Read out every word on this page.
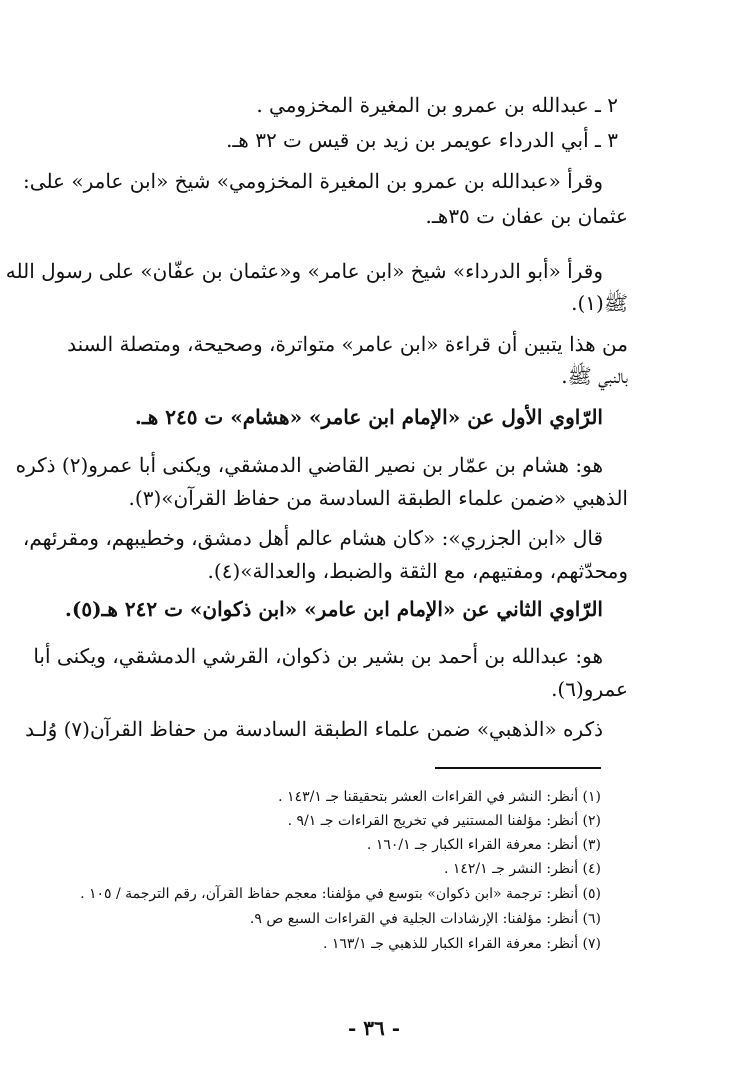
٢ ـ عبدالله بن عمرو بن المغيرة المخزومي .
٣ ـ أبي الدرداء عويمر بن زيد بن قيس ت ٣٢ هـ.
وقرأ «عبدالله بن عمرو بن المغيرة المخزومي» شيخ «ابن عامر» على:
عثمان بن عفان ت ٣٥هـ.
وقرأ «أبو الدرداء» شيخ «ابن عامر» و«عثمان بن عفّان» على رسول الله
ﷺ(١).
من هذا يتبين أن قراءة «ابن عامر» متواترة، وصحيحة، ومتصلة السند
بالنبي ﷺ.
الرّاوي الأول عن «الإمام ابن عامر» «هشام» ت ٢٤٥ هـ.
هو: هشام بن عمّار بن نصير القاضي الدمشقي، ويكنى أبا عمرو(٢) ذكره
الذهبي «ضمن علماء الطبقة السادسة من حفاظ القرآن»(٣).
قال «ابن الجزري»: «كان هشام عالم أهل دمشق، وخطيبهم، ومقرئهم،
ومحدّثهم، ومفتيهم، مع الثقة والضبط، والعدالة»(٤).
الرّاوي الثاني عن «الإمام ابن عامر» «ابن ذكوان» ت ٢٤٢ هـ(٥).
هو: عبدالله بن أحمد بن بشير بن ذكوان، القرشي الدمشقي، ويكنى أبا
عمرو(٦).
ذكره «الذهبي» ضمن علماء الطبقة السادسة من حفاظ القرآن(٧) وُلـد
(١) أنظر: النشر في القراءات العشر بتحقيقنا جـ ١٤٣/١ .
(٢) أنظر: مؤلفنا المستنير في تخريج القراءات جـ ٩/١ .
(٣) أنظر: معرفة القراء الكبار جـ ١٦٠/١ .
(٤) أنظر: النشر جـ ١٤٢/١ .
(٥) أنظر: ترجمة «ابن ذكوان» بتوسع في مؤلفنا: معجم حفاظ القرآن، رقم الترجمة / ١٠٥ .
(٦) أنظر: مؤلفنا: الإرشادات الجلية في القراءات السبع ص ٩.
(٧) أنظر: معرفة القراء الكبار للذهبي جـ ١٦٣/١ .
- ٣٦ -
